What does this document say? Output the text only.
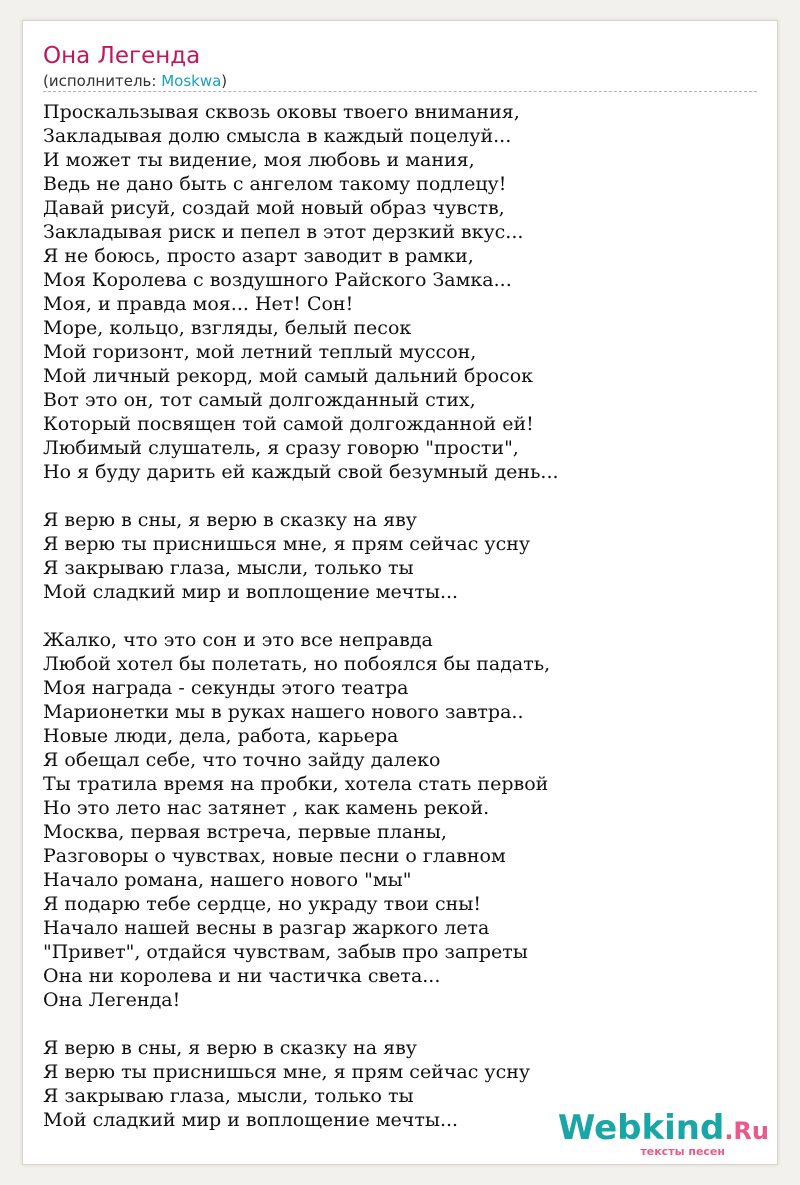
Она Легенда
(исполнитель: Moskwa)
Проскальзывая сквозь оковы твоего внимания,
Закладывая долю смысла в каждый поцелуй...
И может ты видение, моя любовь и мания,
Ведь не дано быть с ангелом такому подлецу!
Давай рисуй, создай мой новый образ чувств,
Закладывая риск и пепел в этот дерзкий вкус...
Я не боюсь, просто азарт заводит в рамки,
Моя Королева с воздушного Райского Замка...
Моя, и правда моя... Нет! Сон!
Море, кольцо, взгляды, белый песок
Мой горизонт, мой летний теплый муссон,
Мой личный рекорд, мой самый дальний бросок
Вот это он, тот самый долгожданный стих,
Который посвящен той самой долгожданной ей!
Любимый слушатель, я сразу говорю "прости",
Но я буду дарить ей каждый свой безумный день...
Я верю в сны, я верю в сказку на яву
Я верю ты приснишься мне, я прям сейчас усну
Я закрываю глаза, мысли, только ты
Мой сладкий мир и воплощение мечты...
Жалко, что это сон и это все неправда
Любой хотел бы полетать, но побоялся бы падать,
Моя награда - секунды этого театра
Марионетки мы в руках нашего нового завтра..
Новые люди, дела, работа, карьера
Я обещал себе, что точно зайду далеко
Ты тратила время на пробки, хотела стать первой
Но это лето нас затянет , как камень рекой.
Москва, первая встреча, первые планы,
Разговоры о чувствах, новые песни о главном
Начало романа, нашего нового "мы"
Я подарю тебе сердце, но украду твои сны!
Начало нашей весны в разгар жаркого лета
"Привет", отдайся чувствам, забыв про запреты
Она ни королева и ни частичка света...
Она Легенда!
Я верю в сны, я верю в сказку на яву
Я верю ты приснишься мне, я прям сейчас усну
Я закрываю глаза, мысли, только ты
Мой сладкий мир и воплощение мечты...	Webkind.Ru
тексты песен
